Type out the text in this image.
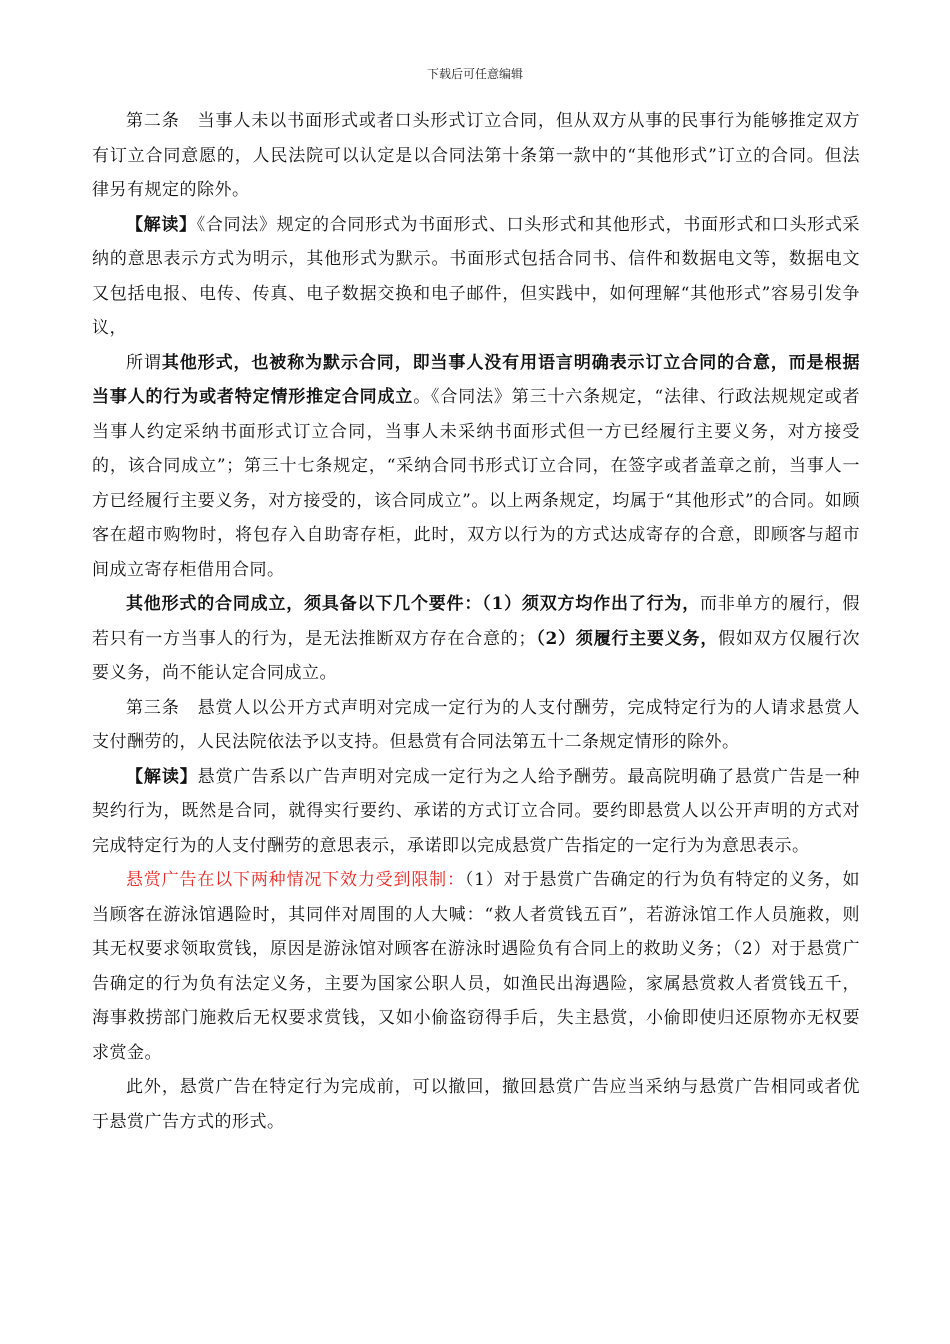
下载后可任意编辑

第二条　当事人未以书面形式或者口头形式订立合同，但从双方从事的民事行为能够推定双方有订立合同意愿的，人民法院可以认定是以合同法第十条第一款中的“其他形式”订立的合同。但法律另有规定的除外。

【解读】《合同法》规定的合同形式为书面形式、口头形式和其他形式，书面形式和口头形式采纳的意思表示方式为明示，其他形式为默示。书面形式包括合同书、信件和数据电文等，数据电文又包括电报、电传、传真、电子数据交换和电子邮件，但实践中，如何理解“其他形式”容易引发争议，

所谓其他形式，也被称为默示合同，即当事人没有用语言明确表示订立合同的合意，而是根据当事人的行为或者特定情形推定合同成立。《合同法》第三十六条规定，“法律、行政法规规定或者当事人约定采纳书面形式订立合同，当事人未采纳书面形式但一方已经履行主要义务，对方接受的，该合同成立”；第三十七条规定，“采纳合同书形式订立合同，在签字或者盖章之前，当事人一方已经履行主要义务，对方接受的，该合同成立”。以上两条规定，均属于“其他形式”的合同。如顾客在超市购物时，将包存入自助寄存柜，此时，双方以行为的方式达成寄存的合意，即顾客与超市间成立寄存柜借用合同。

其他形式的合同成立，须具备以下几个要件：（1）须双方均作出了行为，而非单方的履行，假若只有一方当事人的行为，是无法推断双方存在合意的；（2）须履行主要义务，假如双方仅履行次要义务，尚不能认定合同成立。

第三条　悬赏人以公开方式声明对完成一定行为的人支付酬劳，完成特定行为的人请求悬赏人支付酬劳的，人民法院依法予以支持。但悬赏有合同法第五十二条规定情形的除外。

【解读】悬赏广告系以广告声明对完成一定行为之人给予酬劳。最高院明确了悬赏广告是一种契约行为，既然是合同，就得实行要约、承诺的方式订立合同。要约即悬赏人以公开声明的方式对完成特定行为的人支付酬劳的意思表示，承诺即以完成悬赏广告指定的一定行为为意思表示。

悬赏广告在以下两种情况下效力受到限制：（1）对于悬赏广告确定的行为负有特定的义务，如当顾客在游泳馆遇险时，其同伴对周围的人大喊：“救人者赏钱五百”，若游泳馆工作人员施救，则其无权要求领取赏钱，原因是游泳馆对顾客在游泳时遇险负有合同上的救助义务；（2）对于悬赏广告确定的行为负有法定义务，主要为国家公职人员，如渔民出海遇险，家属悬赏救人者赏钱五千，海事救捞部门施救后无权要求赏钱，又如小偷盗窃得手后，失主悬赏，小偷即使归还原物亦无权要求赏金。

此外，悬赏广告在特定行为完成前，可以撤回，撤回悬赏广告应当采纳与悬赏广告相同或者优于悬赏广告方式的形式。
